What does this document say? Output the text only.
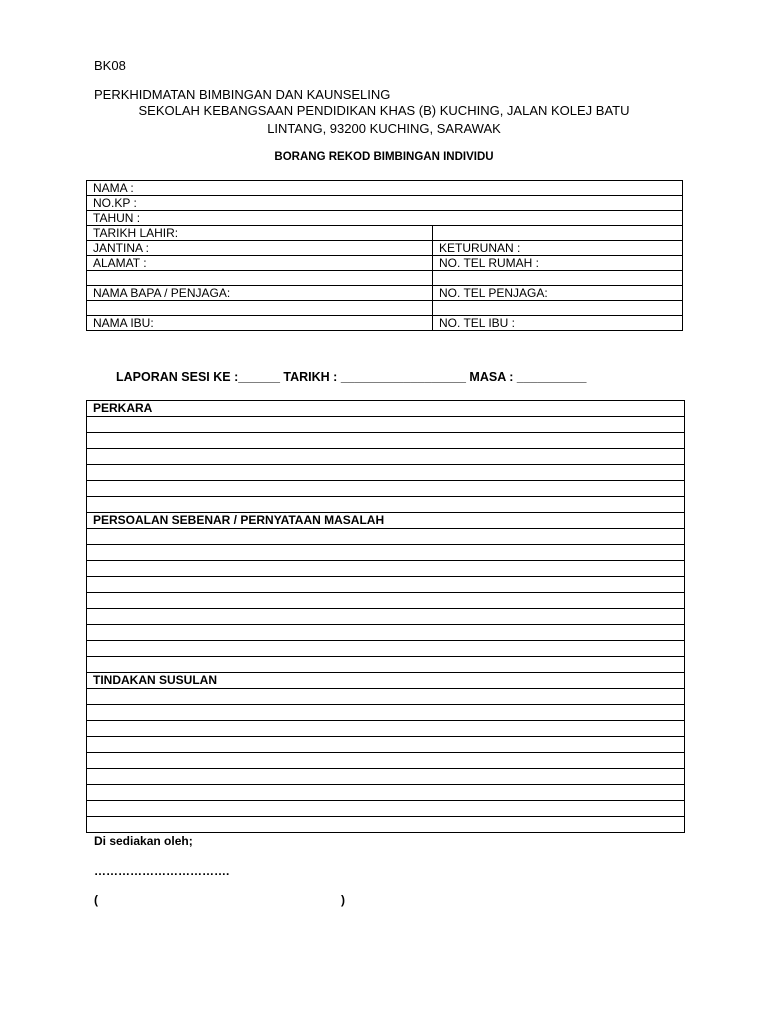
BK08
PERKHIDMATAN BIMBINGAN DAN KAUNSELING
SEKOLAH KEBANGSAAN PENDIDIKAN KHAS (B) KUCHING, JALAN KOLEJ BATU
LINTANG, 93200 KUCHING, SARAWAK
BORANG REKOD BIMBINGAN INDIVIDU
NAMA :	
NO.KP :	
TAHUN :	
TARIKH LAHIR:	
JANTINA :	KETURUNAN :
ALAMAT :	NO. TEL RUMAH :

NAMA BAPA / PENJAGA:	NO. TEL PENJAGA:

NAMA IBU:	NO. TEL IBU :
LAPORAN SESI KE :______ TARIKH : __________________ MASA : __________
PERKARA
PERSOALAN SEBENAR / PERNYATAAN MASALAH
TINDAKAN SUSULAN
Di sediakan oleh;
…………………………….
(	)
